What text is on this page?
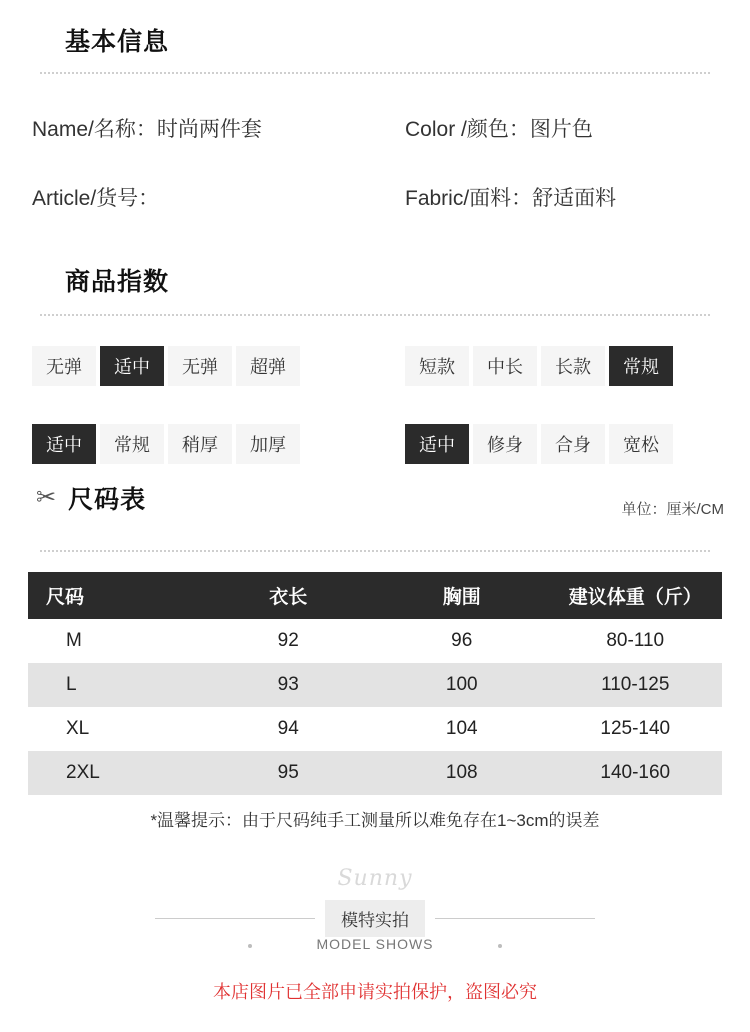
基本信息
Name/名称：时尚两件套	Color /颜色：图片色
Article/货号：	Fabric/面料：舒适面料
商品指数
无弹	适中	无弹	超弹	短款	中长	长款	常规
适中	常规	稍厚	加厚	适中	修身	合身	宽松
✂ 尺码表	单位：厘米/CM
尺码	衣长	胸围	建议体重（斤）
M	92	96	80-110
L	93	100	110-125
XL	94	104	125-140
2XL	95	108	140-160
*温馨提示：由于尺码纯手工测量所以难免存在1~3cm的误差
Sunny
模特实拍
MODEL SHOWS
本店图片已全部申请实拍保护，盗图必究
